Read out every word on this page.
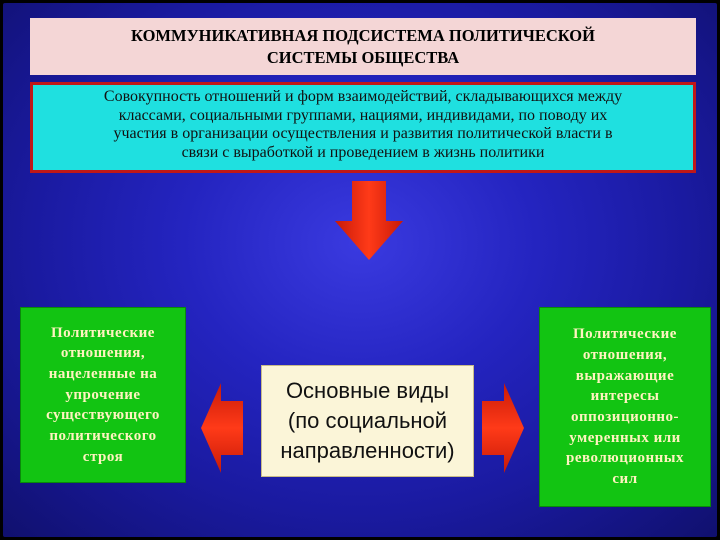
КОММУНИКАТИВНАЯ ПОДСИСТЕМА ПОЛИТИЧЕСКОЙ
СИСТЕМЫ ОБЩЕСТВА
Совокупность отношений и форм взаимодействий, складывающихся между
классами, социальными группами, нациями, индивидами, по поводу их
участия в организации осуществления и развития политической власти в
связи с выработкой и проведением в жизнь политики
Политические
отношения,
нацеленные на
упрочение
существующего
политического
строя
Основные виды
(по социальной
направленности)
Политические
отношения,
выражающие
интересы
оппозиционно-
умеренных или
революционных
сил
